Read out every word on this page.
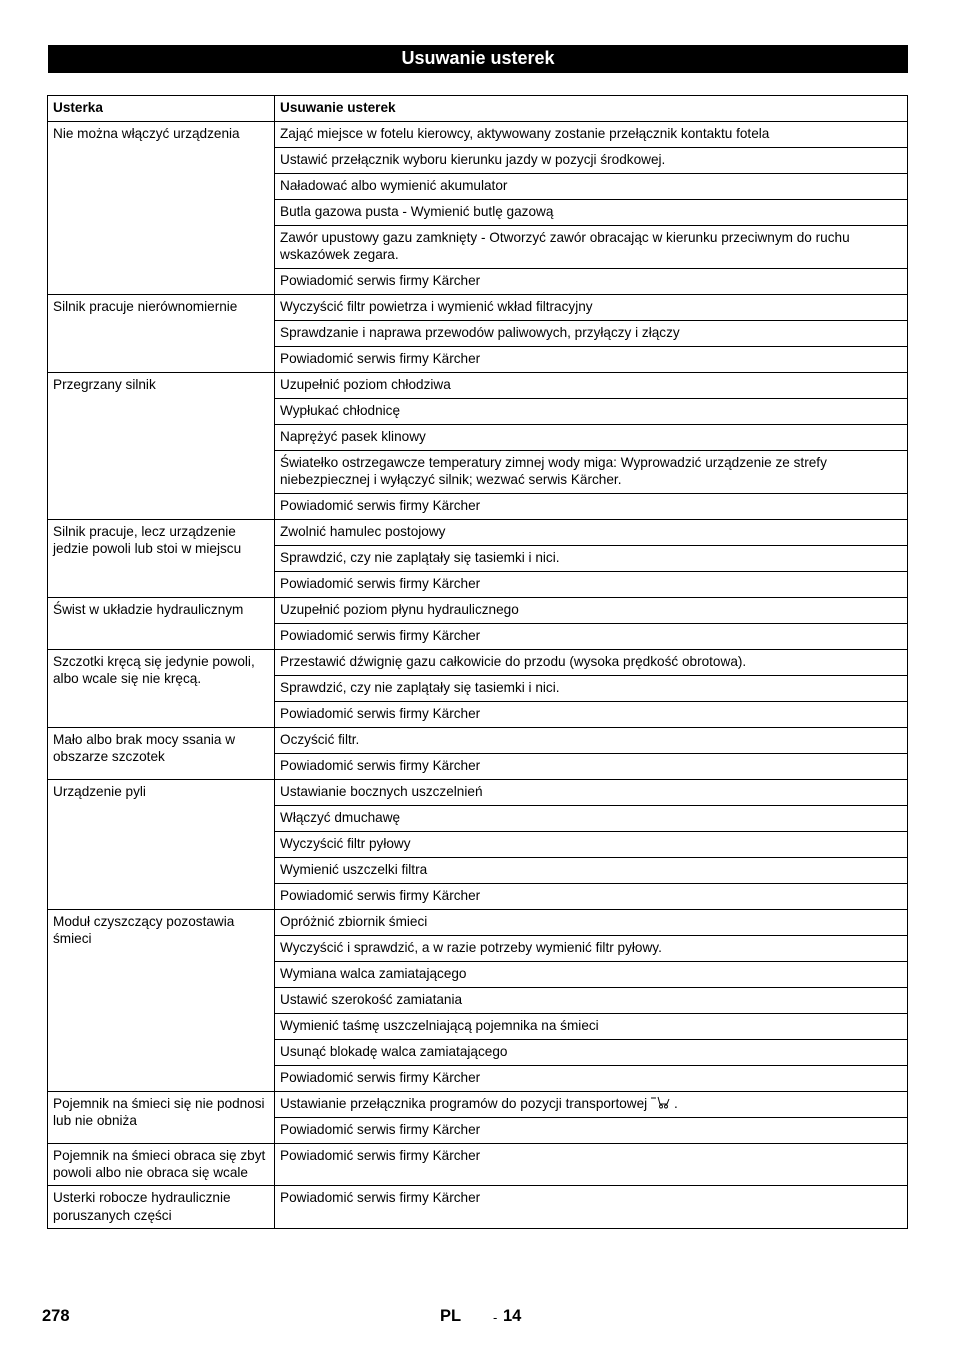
Usuwanie usterek
Usterka	Usuwanie usterek
Nie można włączyć urządzenia	Zająć miejsce w fotelu kierowcy, aktywowany zostanie przełącznik kontaktu fotela
	Ustawić przełącznik wyboru kierunku jazdy w pozycji środkowej.
	Naładować albo wymienić akumulator
	Butla gazowa pusta - Wymienić butlę gazową
	Zawór upustowy gazu zamknięty - Otworzyć zawór obracając w kierunku przeciwnym do ruchu wskazówek zegara.
	Powiadomić serwis firmy Kärcher
Silnik pracuje nierównomiernie	Wyczyścić filtr powietrza i wymienić wkład filtracyjny
	Sprawdzanie i naprawa przewodów paliwowych, przyłączy i złączy
	Powiadomić serwis firmy Kärcher
Przegrzany silnik	Uzupełnić poziom chłodziwa
	Wypłukać chłodnicę
	Naprężyć pasek klinowy
	Światełko ostrzegawcze temperatury zimnej wody miga: Wyprowadzić urządzenie ze strefy niebezpiecznej i wyłączyć silnik; wezwać serwis Kärcher.
	Powiadomić serwis firmy Kärcher
Silnik pracuje, lecz urządzenie jedzie powoli lub stoi w miejscu	Zwolnić hamulec postojowy
	Sprawdzić, czy nie zaplątały się tasiemki i nici.
	Powiadomić serwis firmy Kärcher
Świst w układzie hydraulicznym	Uzupełnić poziom płynu hydraulicznego
	Powiadomić serwis firmy Kärcher
Szczotki kręcą się jedynie powoli, albo wcale się nie kręcą.	Przestawić dźwignię gazu całkowicie do przodu (wysoka prędkość obrotowa).
	Sprawdzić, czy nie zaplątały się tasiemki i nici.
	Powiadomić serwis firmy Kärcher
Mało albo brak mocy ssania w obszarze szczotek	Oczyścić filtr.
	Powiadomić serwis firmy Kärcher
Urządzenie pyli	Ustawianie bocznych uszczelnień
	Włączyć dmuchawę
	Wyczyścić filtr pyłowy
	Wymienić uszczelki filtra
	Powiadomić serwis firmy Kärcher
Moduł czyszczący pozostawia śmieci	Opróżnić zbiornik śmieci
	Wyczyścić i sprawdzić, a w razie potrzeby wymienić filtr pyłowy.
	Wymiana walca zamiatającego
	Ustawić szerokość zamiatania
	Wymienić taśmę uszczelniającą pojemnika na śmieci
	Usunąć blokadę walca zamiatającego
	Powiadomić serwis firmy Kärcher
Pojemnik na śmieci się nie podnosi lub nie obniża	Ustawianie przełącznika programów do pozycji transportowej .
	Powiadomić serwis firmy Kärcher
Pojemnik na śmieci obraca się zbyt powoli albo nie obraca się wcale	Powiadomić serwis firmy Kärcher
Usterki robocze hydraulicznie poruszanych części	Powiadomić serwis firmy Kärcher
278	PL - 14
